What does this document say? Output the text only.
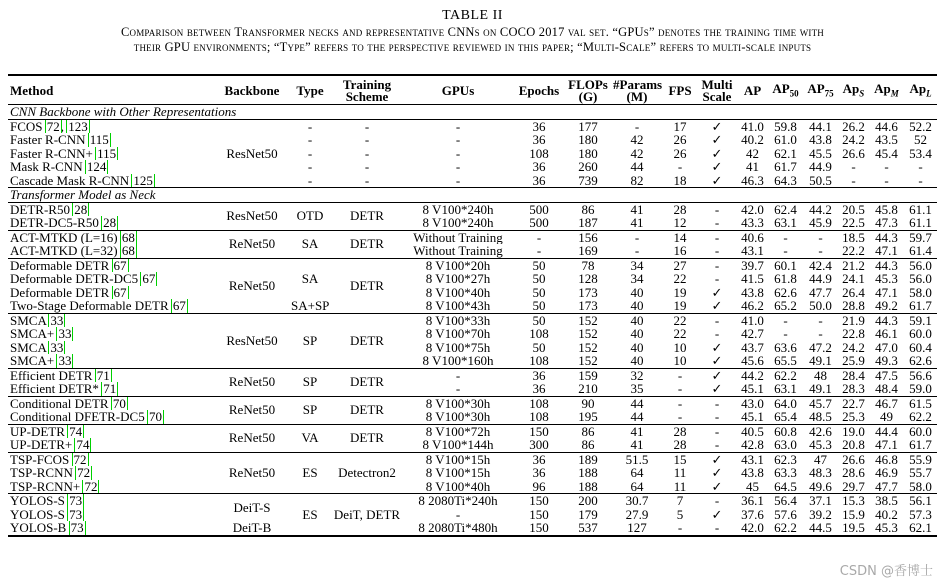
TABLE II
Comparison between Transformer necks and representative CNNs on COCO 2017 val set. “GPUs” denotes the training time with
their GPU environments; “Type” refers to the perspective reviewed in this paper; “Multi-Scale” refers to multi-scale inputs
Method	Backbone	Type	Training Scheme	GPUs	Epochs	FLOPs (G)	#Params (M)	FPS	Multi Scale	AP	$AP_{50}$	$AP_{75}$	$Ap_S$	$Ap_M$	$Ap_L$
CNN Backbone with Other Representations															
FCOS 72, 123	ResNet50	-	-	-	36	177	-	17	✓	41.0	59.8	44.1	26.2	44.6	52.2
Faster R-CNN 115		-	-	-	36	180	42	26	✓	40.2	61.0	43.8	24.2	43.5	52
Faster R-CNN+ 115		-	-	-	108	180	42	26	✓	42	62.1	45.5	26.6	45.4	53.4
Mask R-CNN 124		-	-	-	36	260	44	-	✓	41	61.7	44.9	-	-	-
Cascade Mask R-CNN 125		-	-	-	36	739	82	18	✓	46.3	64.3	50.5	-	-	-
Transformer Model as Neck															
DETR-R50 28	ResNet50	OTD	DETR	8 V100*240h	500	86	41	28	-	42.0	62.4	44.2	20.5	45.8	61.1
DETR-DC5-R50 28				8 V100*240h	500	187	41	12	-	43.3	63.1	45.9	22.5	47.3	61.1
ACT-MTKD (L=16) 68	ReNet50	SA	DETR	Without Training	-	156	-	14	-	40.6	-	-	18.5	44.3	59.7
ACT-MTKD (L=32) 68				Without Training	-	169	-	16	-	43.1	-	-	22.2	47.1	61.4
Deformable DETR 67	ReNet50	SA	DETR	8 V100*20h	50	78	34	27	-	39.7	60.1	42.4	21.2	44.3	56.0
Deformable DETR-DC5 67				8 V100*27h	50	128	34	22	-	41.5	61.8	44.9	24.1	45.3	56.0
Deformable DETR 67				8 V100*40h	50	173	40	19	✓	43.8	62.6	47.7	26.4	47.1	58.0
Two-Stage Deformable DETR 67		SA+SP		8 V100*43h	50	173	40	19	✓	46.2	65.2	50.0	28.8	49.2	61.7
SMCA 33	ResNet50	SP	DETR	8 V100*33h	50	152	40	22	-	41.0	-	-	21.9	44.3	59.1
SMCA+ 33				8 V100*70h	108	152	40	22	-	42.7	-	-	22.8	46.1	60.0
SMCA 33				8 V100*75h	50	152	40	10	✓	43.7	63.6	47.2	24.2	47.0	60.4
SMCA+ 33				8 V100*160h	108	152	40	10	✓	45.6	65.5	49.1	25.9	49.3	62.6
Efficient DETR 71	ReNet50	SP	DETR	-	36	159	32	-	✓	44.2	62.2	48	28.4	47.5	56.6
Efficient DETR* 71				-	36	210	35	-	✓	45.1	63.1	49.1	28.3	48.4	59.0
Conditional DETR 70	ReNet50	SP	DETR	8 V100*30h	108	90	44	-	-	43.0	64.0	45.7	22.7	46.7	61.5
Conditional DFETR-DC5 70				8 V100*30h	108	195	44	-	-	45.1	65.4	48.5	25.3	49	62.2
UP-DETR 74	ReNet50	VA	DETR	8 V100*72h	150	86	41	28	-	40.5	60.8	42.6	19.0	44.4	60.0
UP-DETR+ 74				8 V100*144h	300	86	41	28	-	42.8	63.0	45.3	20.8	47.1	61.7
TSP-FCOS 72	ReNet50	ES	Detectron2	8 V100*15h	36	189	51.5	15	✓	43.1	62.3	47	26.6	46.8	55.9
TSP-RCNN 72				8 V100*15h	36	188	64	11	✓	43.8	63.3	48.3	28.6	46.9	55.7
TSP-RCNN+ 72				8 V100*40h	96	188	64	11	✓	45	64.5	49.6	29.7	47.7	58.0
YOLOS-S 73	DeiT-S	ES	DeiT, DETR	8 2080Ti*240h	150	200	30.7	7	-	36.1	56.4	37.1	15.3	38.5	56.1
YOLOS-S 73				-	150	179	27.9	5	✓	37.6	57.6	39.2	15.9	40.2	57.3
YOLOS-B 73	DeiT-B			8 2080Ti*480h	150	537	127	-	-	42.0	62.2	44.5	19.5	45.3	62.1
CSDN @香博士
